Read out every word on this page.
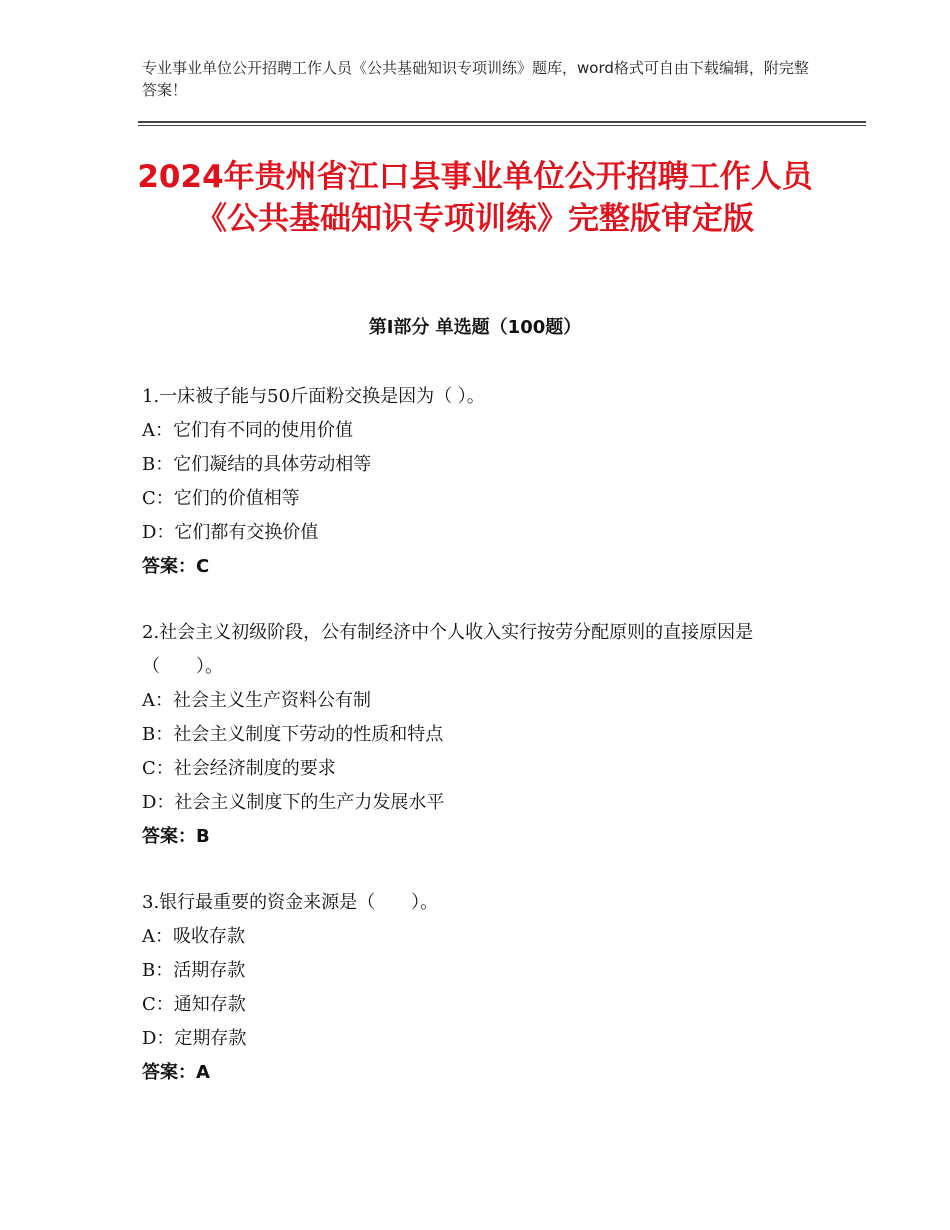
专业事业单位公开招聘工作人员《公共基础知识专项训练》题库，word格式可自由下载编辑，附完整答案！
2024年贵州省江口县事业单位公开招聘工作人员《公共基础知识专项训练》完整版审定版
第Ⅰ部分 单选题（100题）
1.一床被子能与50斤面粉交换是因为（ ）。
A：它们有不同的使用价值
B：它们凝结的具体劳动相等
C：它们的价值相等
D：它们都有交换价值
答案：C
2.社会主义初级阶段，公有制经济中个人收入实行按劳分配原则的直接原因是（　　）。
A：社会主义生产资料公有制
B：社会主义制度下劳动的性质和特点
C：社会经济制度的要求
D：社会主义制度下的生产力发展水平
答案：B
3.银行最重要的资金来源是（　　）。
A：吸收存款
B：活期存款
C：通知存款
D：定期存款
答案：A
